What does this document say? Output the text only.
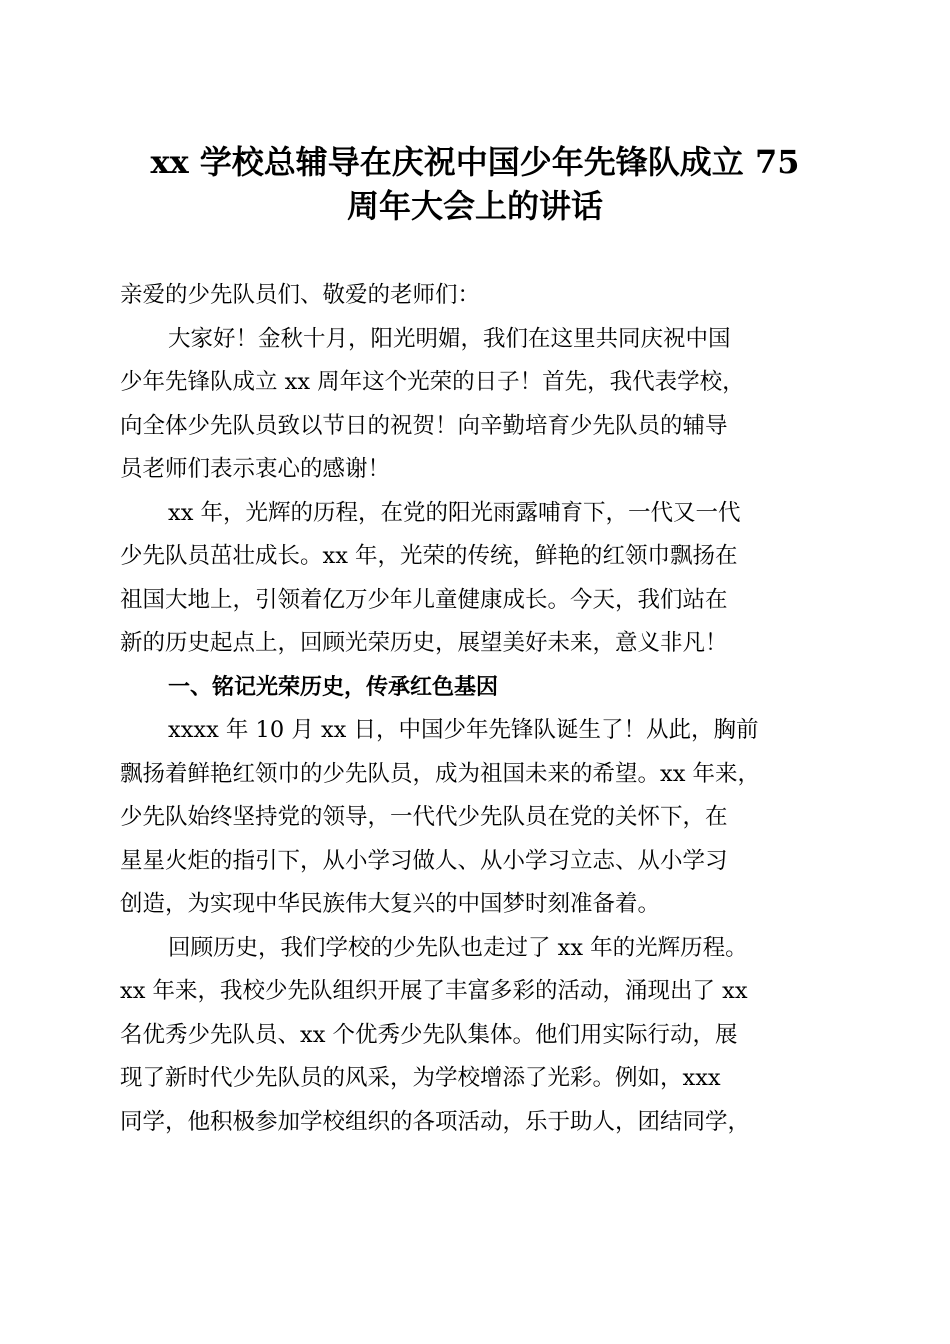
xx 学校总辅导在庆祝中国少年先锋队成立 75
周年大会上的讲话
亲爱的少先队员们、敬爱的老师们：
大家好！金秋十月，阳光明媚，我们在这里共同庆祝中国
少年先锋队成立 xx 周年这个光荣的日子！首先，我代表学校，
向全体少先队员致以节日的祝贺！向辛勤培育少先队员的辅导
员老师们表示衷心的感谢！
xx 年，光辉的历程，在党的阳光雨露哺育下，一代又一代
少先队员茁壮成长。xx 年，光荣的传统，鲜艳的红领巾飘扬在
祖国大地上，引领着亿万少年儿童健康成长。今天，我们站在
新的历史起点上，回顾光荣历史，展望美好未来，意义非凡！
一、铭记光荣历史，传承红色基因
xxxx 年 10 月 xx 日，中国少年先锋队诞生了！从此，胸前
飘扬着鲜艳红领巾的少先队员，成为祖国未来的希望。xx 年来，
少先队始终坚持党的领导，一代代少先队员在党的关怀下，在
星星火炬的指引下，从小学习做人、从小学习立志、从小学习
创造，为实现中华民族伟大复兴的中国梦时刻准备着。
回顾历史，我们学校的少先队也走过了 xx 年的光辉历程。
xx 年来，我校少先队组织开展了丰富多彩的活动，涌现出了 xx
名优秀少先队员、xx 个优秀少先队集体。他们用实际行动，展
现了新时代少先队员的风采，为学校增添了光彩。例如，xxx
同学，他积极参加学校组织的各项活动，乐于助人，团结同学，
